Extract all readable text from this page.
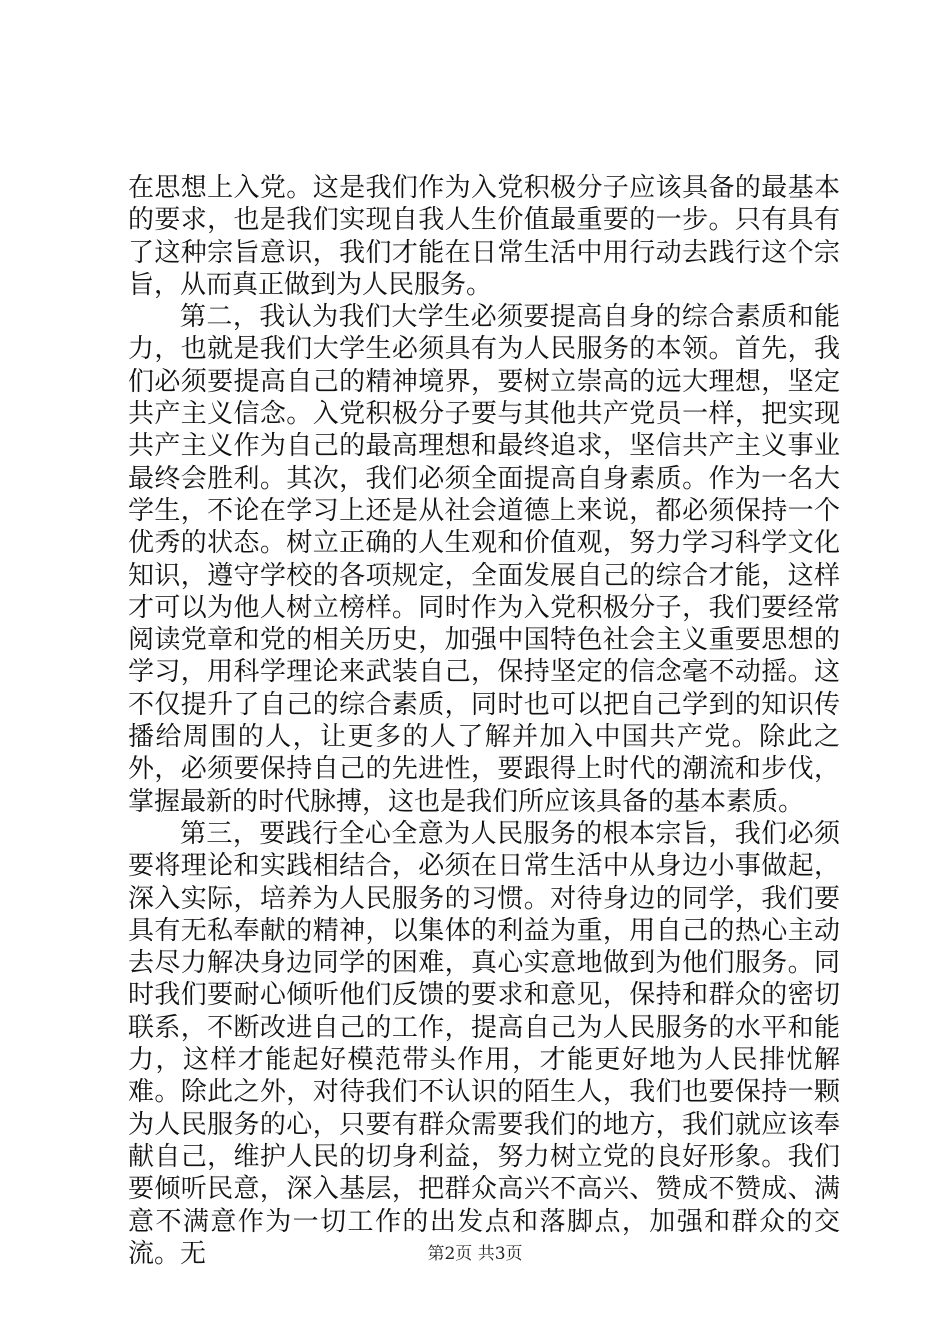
在思想上入党。这是我们作为入党积极分子应该具备的最基本的要求，也是我们实现自我人生价值最重要的一步。只有具有了这种宗旨意识，我们才能在日常生活中用行动去践行这个宗旨，从而真正做到为人民服务。

第二，我认为我们大学生必须要提高自身的综合素质和能力，也就是我们大学生必须具有为人民服务的本领。首先，我们必须要提高自己的精神境界，要树立崇高的远大理想，坚定共产主义信念。入党积极分子要与其他共产党员一样，把实现共产主义作为自己的最高理想和最终追求，坚信共产主义事业最终会胜利。其次，我们必须全面提高自身素质。作为一名大学生，不论在学习上还是从社会道德上来说，都必须保持一个优秀的状态。树立正确的人生观和价值观，努力学习科学文化知识，遵守学校的各项规定，全面发展自己的综合才能，这样才可以为他人树立榜样。同时作为入党积极分子，我们要经常阅读党章和党的相关历史，加强中国特色社会主义重要思想的学习，用科学理论来武装自己，保持坚定的信念毫不动摇。这不仅提升了自己的综合素质，同时也可以把自己学到的知识传播给周围的人，让更多的人了解并加入中国共产党。除此之外，必须要保持自己的先进性，要跟得上时代的潮流和步伐，掌握最新的时代脉搏，这也是我们所应该具备的基本素质。

第三，要践行全心全意为人民服务的根本宗旨，我们必须要将理论和实践相结合，必须在日常生活中从身边小事做起，深入实际，培养为人民服务的习惯。对待身边的同学，我们要具有无私奉献的精神，以集体的利益为重，用自己的热心主动去尽力解决身边同学的困难，真心实意地做到为他们服务。同时我们要耐心倾听他们反馈的要求和意见，保持和群众的密切联系，不断改进自己的工作，提高自己为人民服务的水平和能力，这样才能起好模范带头作用，才能更好地为人民排忧解难。除此之外，对待我们不认识的陌生人，我们也要保持一颗为人民服务的心，只要有群众需要我们的地方，我们就应该奉献自己，维护人民的切身利益，努力树立党的良好形象。我们要倾听民意，深入基层，把群众高兴不高兴、赞成不赞成、满意不满意作为一切工作的出发点和落脚点，加强和群众的交流。无	第2页 共3页
